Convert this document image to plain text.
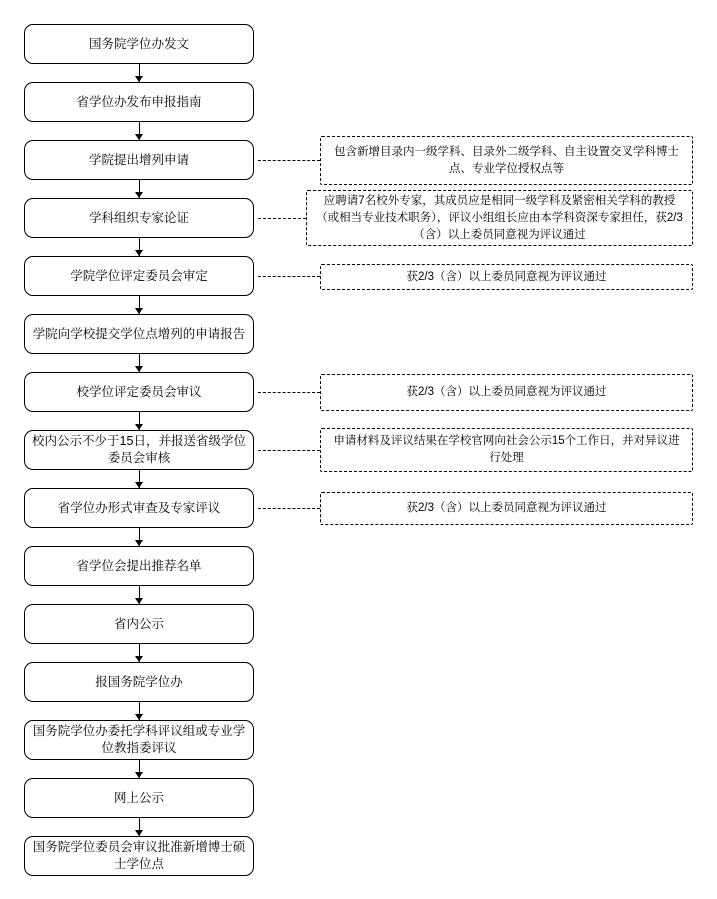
国务院学位办发文
省学位办发布申报指南
学院提出增列申请
学科组织专家论证
学院学位评定委员会审定
学院向学校提交学位点增列的申请报告
校学位评定委员会审议
校内公示不少于15日，并报送省级学位委员会审核
省学位办形式审查及专家评议
省学位会提出推荐名单
省内公示
报国务院学位办
国务院学位办委托学科评议组或专业学位教指委评议
网上公示
国务院学位委员会审议批准新增博士硕士学位点
包含新增目录内一级学科、目录外二级学科、自主设置交叉学科博士点、专业学位授权点等
应聘请7名校外专家，其成员应是相同一级学科及紧密相关学科的教授（或相当专业技术职务），评议小组组长应由本学科资深专家担任，获2/3（含）以上委员同意视为评议通过
获2/3（含）以上委员同意视为评议通过
获2/3（含）以上委员同意视为评议通过
申请材料及评议结果在学校官网向社会公示15个工作日，并对异议进行处理
获2/3（含）以上委员同意视为评议通过
